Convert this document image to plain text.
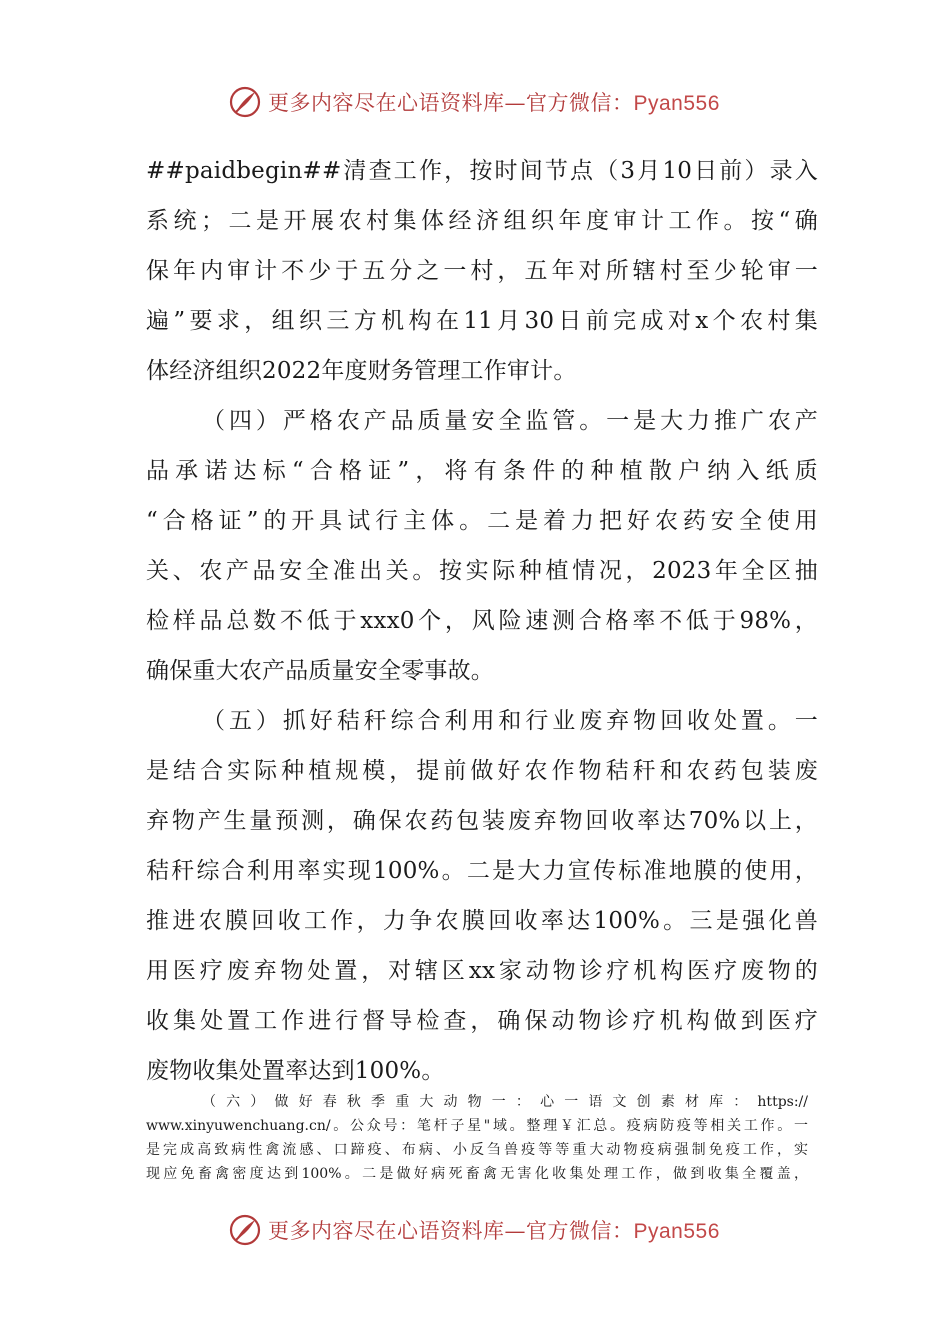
更多内容尽在心语资料库—官方微信：Pyan556
##paidbegin##清查工作，按时间节点（3月10日前）录入
系统；二是开展农村集体经济组织年度审计工作。按“确
保年内审计不少于五分之一村，五年对所辖村至少轮审一
遍”要求，组织三方机构在11月30日前完成对x个农村集
体经济组织2022年度财务管理工作审计。
（四）严格农产品质量安全监管。一是大力推广农产
品承诺达标“合格证”，将有条件的种植散户纳入纸质
“合格证”的开具试行主体。二是着力把好农药安全使用
关、农产品安全准出关。按实际种植情况，2023年全区抽
检样品总数不低于xxx0个，风险速测合格率不低于98%，
确保重大农产品质量安全零事故。
（五）抓好秸秆综合利用和行业废弃物回收处置。一
是结合实际种植规模，提前做好农作物秸秆和农药包装废
弃物产生量预测，确保农药包装废弃物回收率达70%以上，
秸秆综合利用率实现100%。二是大力宣传标准地膜的使用，
推进农膜回收工作，力争农膜回收率达100%。三是强化兽
用医疗废弃物处置，对辖区xx家动物诊疗机构医疗废物的
收集处置工作进行督导检查，确保动物诊疗机构做到医疗
废物收集处置率达到100%。
（六）做好春秋季重大动物一：心一语文创素材库：https://
www.xinyuwenchuang.cn/。公众号：笔杆子星"域。整理￥汇总。疫病防疫等相关工作。一
是完成高致病性禽流感、口蹄疫、布病、小反刍兽疫等等重大动物疫病强制免疫工作，实
现应免畜禽密度达到100%。二是做好病死畜禽无害化收集处理工作，做到收集全覆盖，
更多内容尽在心语资料库—官方微信：Pyan556
